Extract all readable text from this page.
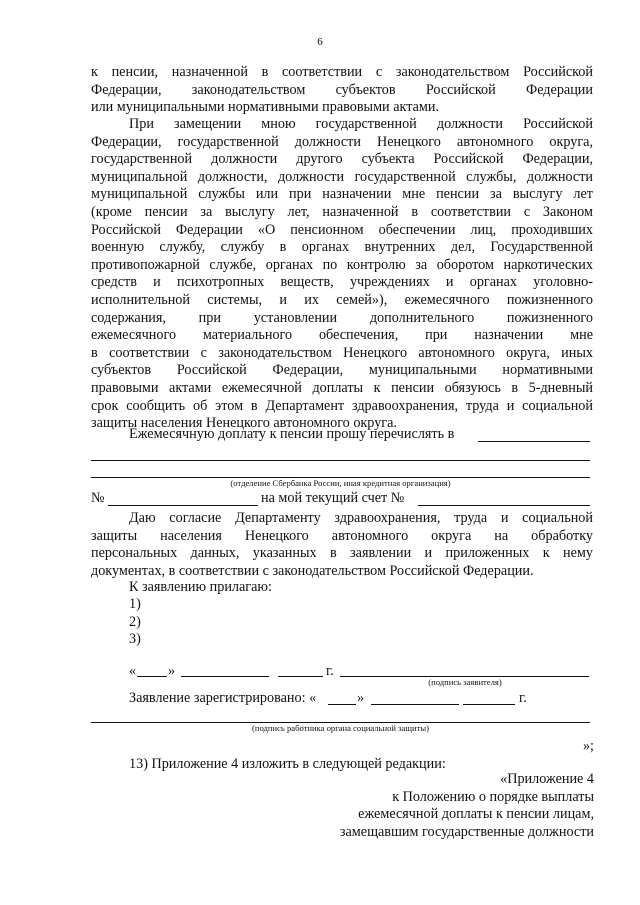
6
к пенсии, назначенной в соответствии с законодательством Российской
Федерации, законодательством субъектов Российской Федерации
или муниципальными нормативными правовыми актами.
При замещении мною государственной должности Российской
Федерации, государственной должности Ненецкого автономного округа,
государственной должности другого субъекта Российской Федерации,
муниципальной должности, должности государственной службы, должности
муниципальной службы или при назначении мне пенсии за выслугу лет
(кроме пенсии за выслугу лет, назначенной в соответствии с Законом
Российской Федерации «О пенсионном обеспечении лиц, проходивших
военную службу, службу в органах внутренних дел, Государственной
противопожарной службе, органах по контролю за оборотом наркотических
средств и психотропных веществ, учреждениях и органах уголовно-
исполнительной системы, и их семей»), ежемесячного пожизненного
содержания, при установлении дополнительного пожизненного
ежемесячного материального обеспечения, при назначении мне
в соответствии с законодательством Ненецкого автономного округа, иных
субъектов Российской Федерации, муниципальными нормативными
правовыми актами ежемесячной доплаты к пенсии обязуюсь в 5-дневный
срок сообщить об этом в Департамент здравоохранения, труда и социальной
защиты населения Ненецкого автономного округа.
Ежемесячную доплату к пенсии прошу перечислять в
(отделение Сбербанка России, иная кредитная организация)
№	на мой текущий счет №
Даю согласие Департаменту здравоохранения, труда и социальной
защиты населения Ненецкого автономного округа на обработку
персональных данных, указанных в заявлении и приложенных к нему
документах, в соответствии с законодательством Российской Федерации.
К заявлению прилагаю:
1)
2)
3)
« »	г.
(подпись заявителя)
Заявление зарегистрировано: «	»	г.
(подпись работника органа социальной защиты)
»;
13) Приложение 4 изложить в следующей редакции:
«Приложение 4
к Положению о порядке выплаты
ежемесячной доплаты к пенсии лицам,
замещавшим государственные должности
